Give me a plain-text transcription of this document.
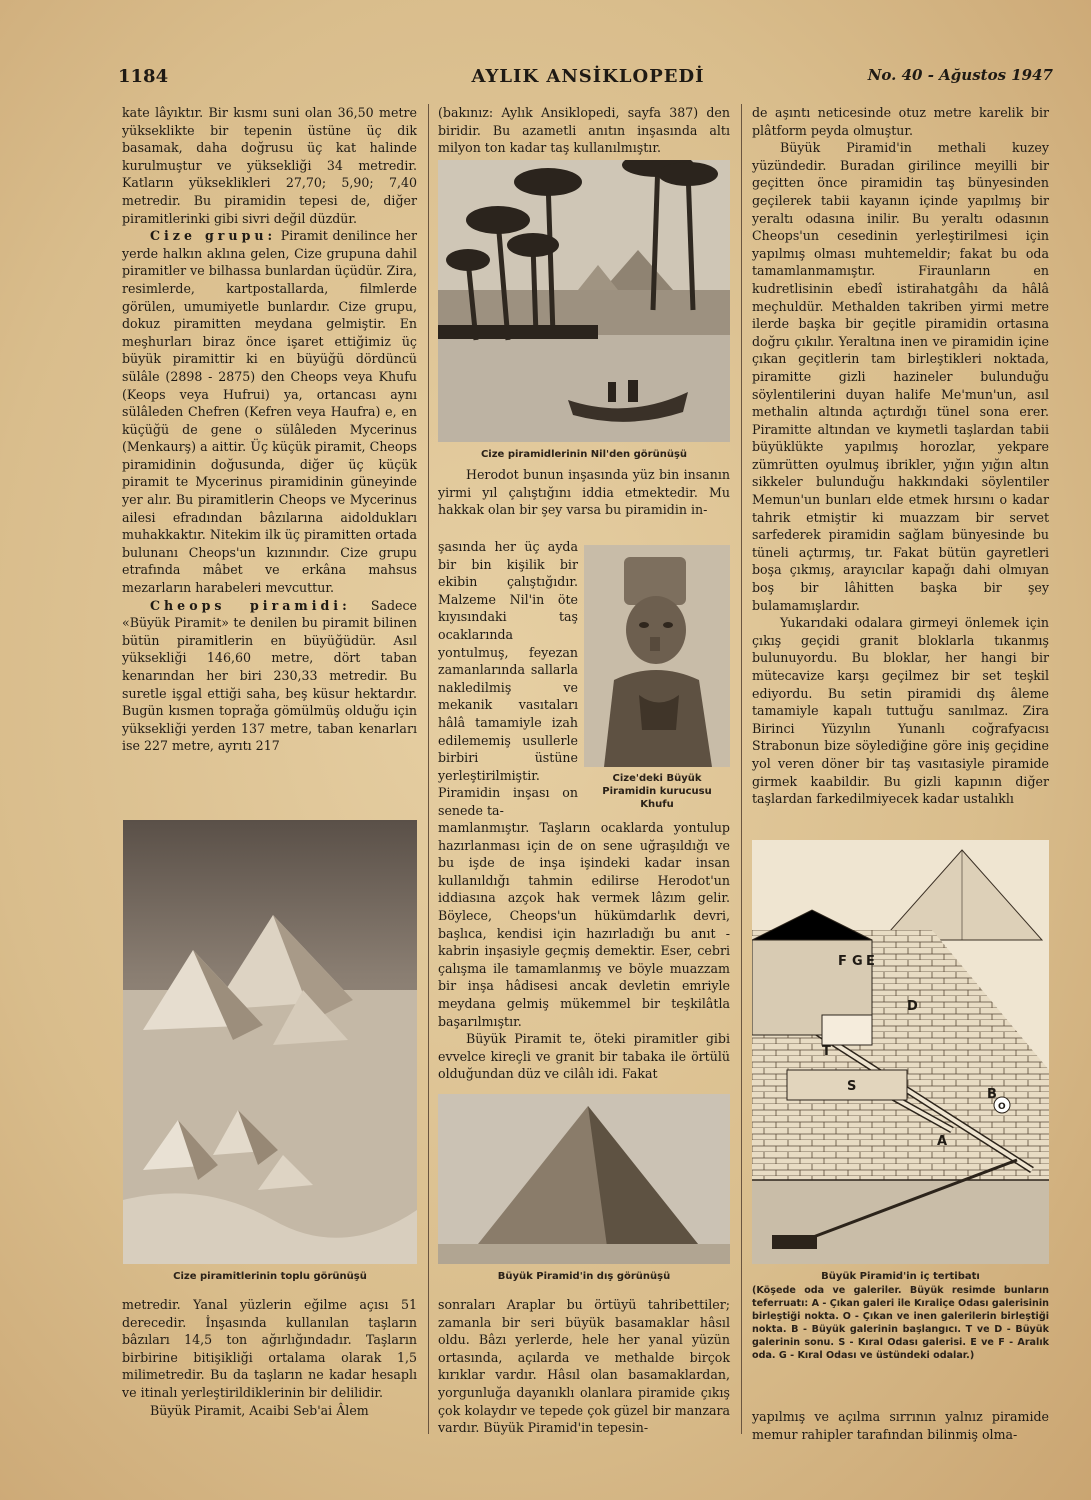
1184	AYLIK ANSİKLOPEDİ	No. 40 - Ağustos 1947

kate lâyıktır. Bir kısmı suni olan 36,50 metre yükseklikte bir tepenin üstüne üç dik basamak, daha doğrusu üç kat halinde kurulmuştur ve yüksekliği 34 metredir. Katların yükseklikleri 27,70; 5,90; 7,40 metredir. Bu piramidin tepesi de, diğer piramitlerinki gibi sivri değil düzdür.

Cize grupu: Piramit denilince her yerde halkın aklına gelen, Cize grupuna dahil piramitler ve bilhassa bunlardan üçüdür. Zira, resimlerde, kartpostallarda, filmlerde görülen, umumiyetle bunlardır. Cize grupu, dokuz piramitten meydana gelmiştir. En meşhurları biraz önce işaret ettiğimiz üç büyük piramittir ki en büyüğü dördüncü sülâle (2898 - 2875) den Cheops veya Khufu (Keops veya Hufrui) ya, ortancası aynı sülâleden Chefren (Kefren veya Haufra) e, en küçüğü de gene o sülâleden Mycerinus (Menkaurş) a aittir. Üç küçük piramit, Cheops piramidinin doğusunda, diğer üç küçük piramit te Mycerinus piramidinin güneyinde yer alır. Bu piramitlerin Cheops ve Mycerinus ailesi efradından bâzılarına aidoldukları muhakkaktır. Nitekim ilk üç piramitten ortada bulunanı Cheops'un kızınındır. Cize grupu etrafında mâbet ve erkâna mahsus mezarların harabeleri mevcuttur.

Cheops piramidi: Sadece «Büyük Piramit» te denilen bu piramit bilinen bütün piramitlerin en büyüğüdür. Asıl yüksekliği 146,60 metre, dört taban kenarından her biri 230,33 metredir. Bu suretle işgal ettiği saha, beş küsur hektardır. Bugün kısmen toprağa gömülmüş olduğu için yüksekliği yerden 137 metre, taban kenarları ise 227 metre, ayrıtı 217

Cize piramitlerinin toplu görünüşü

metredir. Yanal yüzlerin eğilme açısı 51 derecedir. İnşasında kullanılan taşların bâzıları 14,5 ton ağırlığındadır. Taşların birbirine bitişikliği ortalama olarak 1,5 milimetredir. Bu da taşların ne kadar hesaplı ve itinalı yerleştirildiklerinin bir delilidir.

Büyük Piramit, Acaibi Seb'ai Âlem

(bakınız: Aylık Ansiklopedi, sayfa 387) den biridir. Bu azametli anıtın inşasında altı milyon ton kadar taş kullanılmıştır.

Cize piramidlerinin Nil'den görünüşü

Herodot bunun inşasında yüz bin insanın yirmi yıl çalıştığını iddia etmektedir. Mu hakkak olan bir şey varsa bu piramidin in-

şasında her üç ayda bir bin kişilik bir ekibin çalıştığıdır. Malzeme Nil'in öte kıyısındaki taş ocaklarında yontulmuş, feyezan zamanlarında sallarla nakledilmiş ve mekanik vasıtaları hâlâ tamamiyle izah edilememiş usullerle birbiri üstüne yerleştirilmiştir. Piramidin inşası on senede ta-
Cize'deki Büyük Piramidin kurucusu Khufu

mamlanmıştır. Taşların ocaklarda yontulup hazırlanması için de on sene uğraşıldığı ve bu işde de inşa işindeki kadar insan kullanıldığı tahmin edilirse Herodot'un iddiasına azçok hak vermek lâzım gelir. Böylece, Cheops'un hükümdarlık devri, başlıca, kendisi için hazırladığı bu anıt - kabrin inşasiyle geçmiş demektir. Eser, cebri çalışma ile tamamlanmış ve böyle muazzam bir inşa hâdisesi ancak devletin emriyle meydana gelmiş mükemmel bir teşkilâtla başarılmıştır.

Büyük Piramit te, öteki piramitler gibi evvelce kireçli ve granit bir tabaka ile örtülü olduğundan düz ve cilâlı idi. Fakat

Büyük Piramid'in dış görünüşü

sonraları Araplar bu örtüyü tahribettiler; zamanla bir seri büyük basamaklar hâsıl oldu. Bâzı yerlerde, hele her yanal yüzün ortasında, açılarda ve methalde birçok kırıklar vardır. Hâsıl olan basamaklardan, yorgunluğa dayanıklı olanlara piramide çıkış çok kolaydır ve tepede çok güzel bir manzara vardır. Büyük Piramid'in tepesin-

de aşıntı neticesinde otuz metre karelik bir plâtform peyda olmuştur.

Büyük Piramid'in methali kuzey yüzündedir. Buradan girilince meyilli bir geçitten önce piramidin taş bünyesinden geçilerek tabii kayanın içinde yapılmış bir yeraltı odasına inilir. Bu yeraltı odasının Cheops'un cesedinin yerleştirilmesi için yapılmış olması muhtemeldir; fakat bu oda tamamlanmamıştır. Firaunların en kudretlisinin ebedî istirahatgâhı da hâlâ meçhuldür. Methalden takriben yirmi metre ilerde başka bir geçitle piramidin ortasına doğru çıkılır. Yeraltına inen ve piramidin içine çıkan geçitlerin tam birleştikleri noktada, piramitte gizli hazineler bulunduğu söylentilerini duyan halife Me'mun'un, asıl methalin altında açtırdığı tünel sona erer. Piramitte altından ve kıymetli taşlardan tabii büyüklükte yapılmış horozlar, yekpare zümrütten oyulmuş ibrikler, yığın yığın altın sikkeler bulunduğu hakkındaki söylentiler Memun'un bunları elde etmek hırsını o kadar tahrik etmiştir ki muazzam bir servet sarfederek piramidin sağlam bünyesinde bu tüneli açtırmış, tır. Fakat bütün gayretleri boşa çıkmış, arayıcılar kapağı dahi olmıyan boş bir lâhitten başka bir şey bulamamışlardır.

Yukarıdaki odalara girmeyi önlemek için çıkış geçidi granit bloklarla tıkanmış bulunuyordu. Bu bloklar, her hangi bir mütecavize karşı geçilmez bir set teşkil ediyordu. Bu setin piramidi dış âleme tamamiyle kapalı tuttuğu sanılmaz. Zira Birinci Yüzyılın Yunanlı coğrafyacısı Strabonun bize söylediğine göre iniş geçidine yol veren döner bir taş vasıtasiyle piramide girmek kaabildir. Bu gizli kapının diğer taşlardan farkedilmiyecek kadar ustalıklı

G
F E
D
T
S
B
O
A
Büyük Piramid'in iç tertibatı
(Köşede oda ve galeriler. Büyük resimde bunların teferruatı: A - Çıkan galeri ile Kıraliçe Odası galerisinin birleştiği nokta. O - Çıkan ve inen galerilerin birleştiği nokta. B - Büyük galerinin başlangıcı. T ve D - Büyük galerinin sonu. S - Kıral Odası galerisi. E ve F - Aralık oda. G - Kıral Odası ve üstündeki odalar.)

yapılmış ve açılma sırrının yalnız piramide memur rahipler tarafından bilinmiş olma-
